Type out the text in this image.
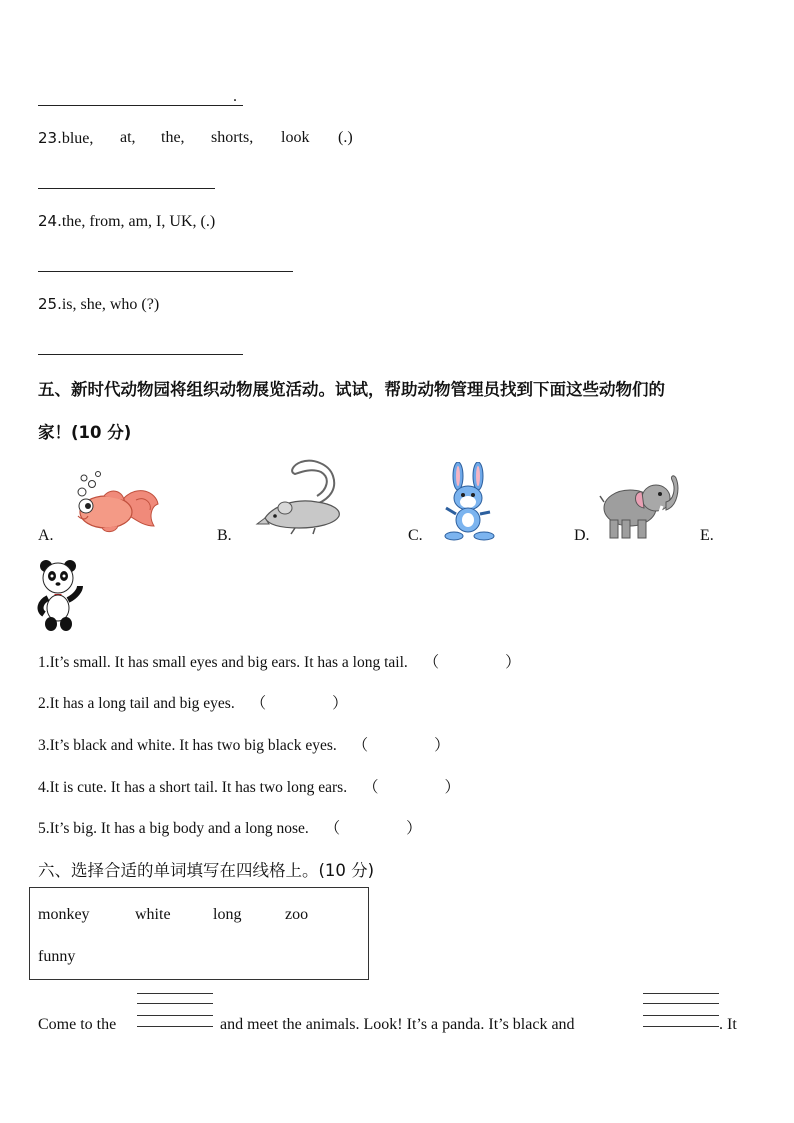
.
23.blue, at, the, shorts, look (.)
24.the, from, am, I, UK, (.)
25.is, she, who (?)
五、新时代动物园将组织动物展览活动。试试，帮助动物管理员找到下面这些动物们的
家！(10 分)
A.	B.	C.	D.	E.
1.It’s small. It has small eyes and big ears. It has a long tail. （	）
2.It has a long tail and big eyes. （	）
3.It’s black and white. It has two big black eyes. （	）
4.It is cute. It has a short tail. It has two long ears. （	）
5.It’s big. It has a big body and a long nose. （	）
六、选择合适的单词填写在四线格上。(10 分)
monkey	white	long	zoo
funny
Come to the	and meet the animals. Look! It’s a panda. It’s black and	. It
